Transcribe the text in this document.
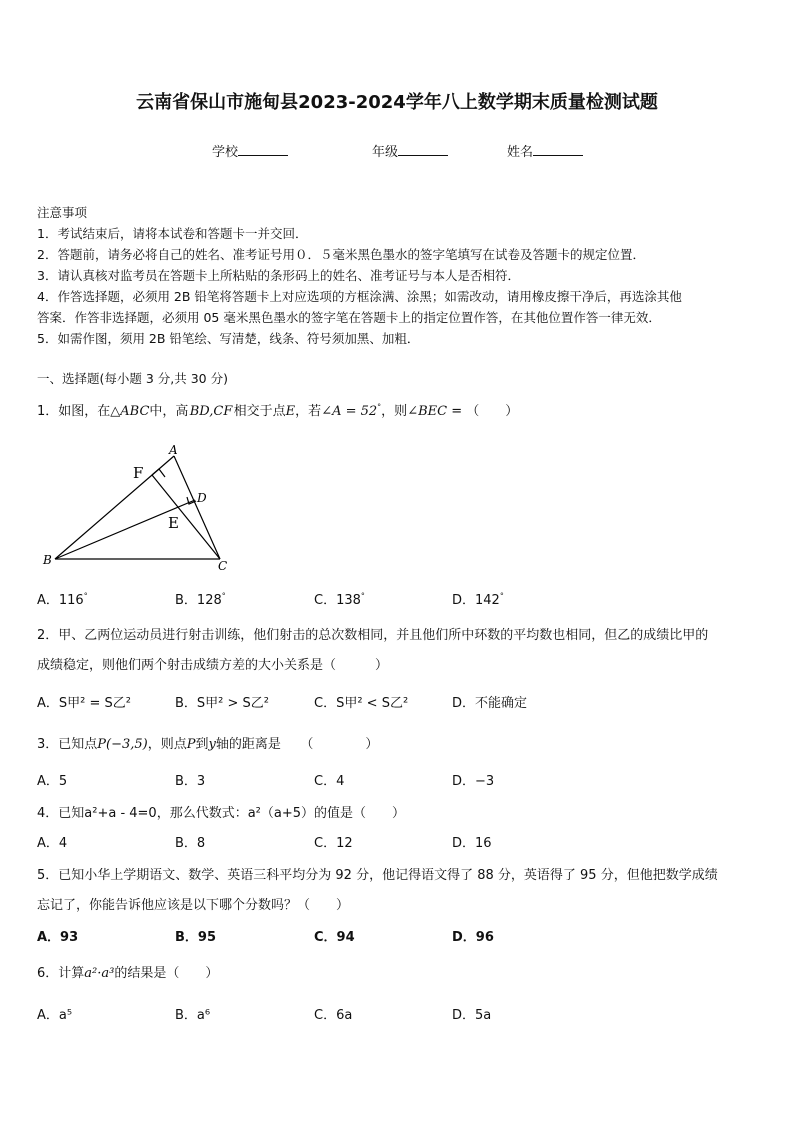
云南省保山市施甸县2023-2024学年八上数学期末质量检测试题
学校	年级	姓名
注意事项
1．考试结束后，请将本试卷和答题卡一并交回．
2．答题前，请务必将自己的姓名、准考证号用０．５毫米黑色墨水的签字笔填写在试卷及答题卡的规定位置．
3．请认真核对监考员在答题卡上所粘贴的条形码上的姓名、准考证号与本人是否相符．
4．作答选择题，必须用 2B 铅笔将答题卡上对应选项的方框涂满、涂黑；如需改动，请用橡皮擦干净后，再选涂其他
答案．作答非选择题，必须用 05 毫米黑色墨水的签字笔在答题卡上的指定位置作答，在其他位置作答一律无效．
5．如需作图，须用 2B 铅笔绘、写清楚，线条、符号须加黑、加粗．
一、选择题(每小题 3 分,共 30 分)
1．如图，在△ABC中，高 BD,CF 相交于点E，若∠A = 52°，则∠BEC = （　　）
A
B	C
D
F
E
A．116°	B．128°	C．138°	D．142°
2．甲、乙两位运动员进行射击训练，他们射击的总次数相同，并且他们所中环数的平均数也相同，但乙的成绩比甲的
成绩稳定，则他们两个射击成绩方差的大小关系是（　　　）
A．S甲² = S乙²	B．S甲² > S乙²	C．S甲² < S乙²	D．不能确定
3．已知点P(−3,5)，则点P到y轴的距离是　　（　　　　）
A．5	B．3	C．4	D．−3
4．已知a²+a - 4=0，那么代数式：a²（a+5）的值是（　　）
A．4	B．8	C．12	D．16
5．已知小华上学期语文、数学、英语三科平均分为 92 分，他记得语文得了 88 分，英语得了 95 分，但他把数学成绩
忘记了，你能告诉他应该是以下哪个分数吗？（　　）
A．93	B．95	C．94	D．96
6．计算a²·a³的结果是（　　）
A．a⁵	B．a⁶	C．6a	D．5a
